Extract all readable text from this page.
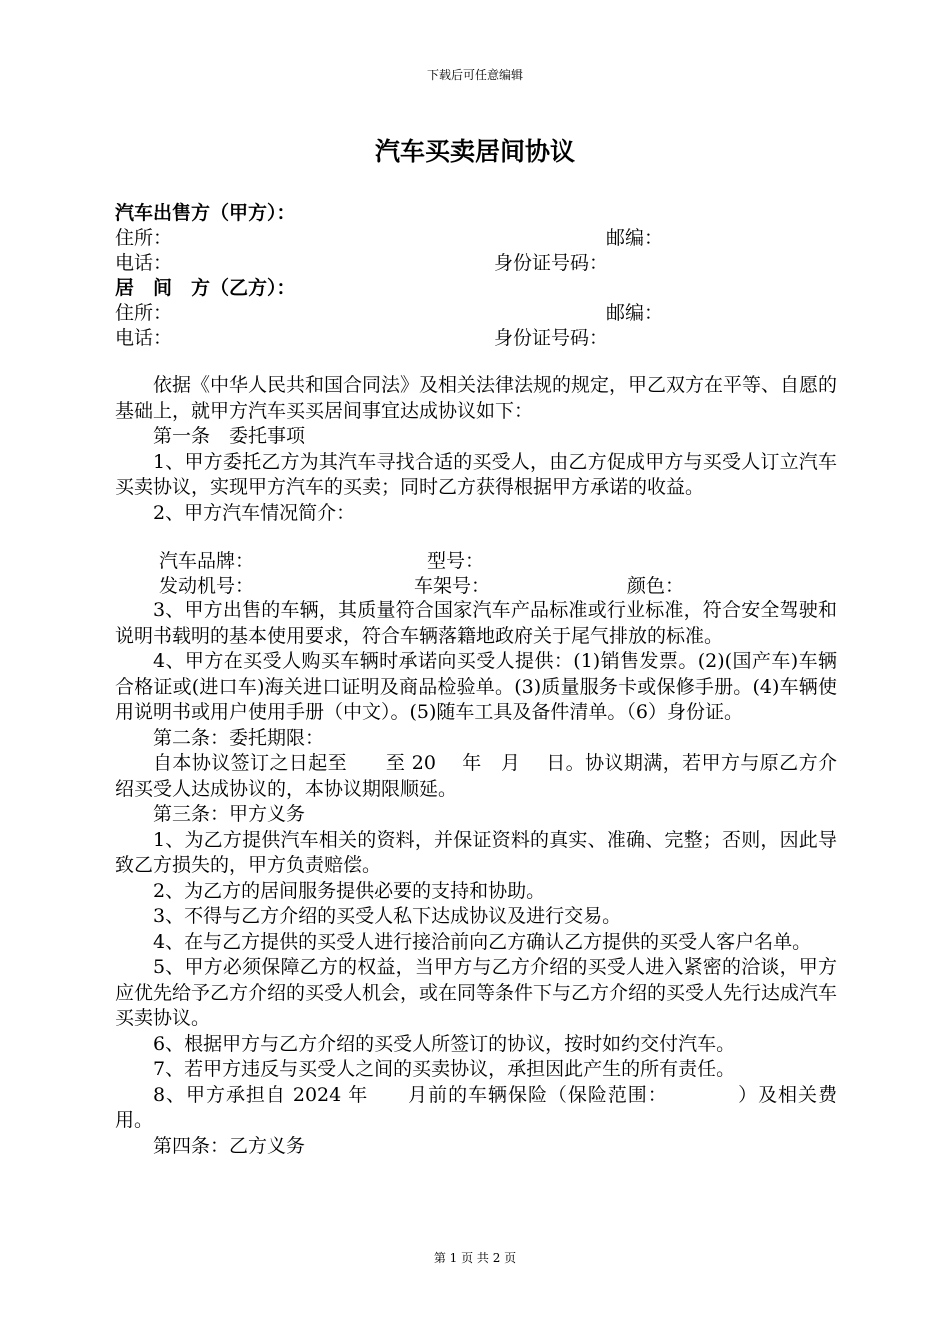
下载后可任意编辑
汽车买卖居间协议
汽车出售方（甲方）：
住所：	邮编：
电话：	身份证号码：
居　间　方（乙方）：
住所：	邮编：
电话：	身份证号码：

依据《中华人民共和国合同法》及相关法律法规的规定，甲乙双方在平等、自愿的基础上，就甲方汽车买买居间事宜达成协议如下：

第一条　委托事项

1、甲方委托乙方为其汽车寻找合适的买受人，由乙方促成甲方与买受人订立汽车买卖协议，实现甲方汽车的买卖；同时乙方获得根据甲方承诺的收益。

2、甲方汽车情况简介：

汽车品牌：	型号：
发动机号：	车架号：	颜色：

3、甲方出售的车辆，其质量符合国家汽车产品标准或行业标准，符合安全驾驶和说明书载明的基本使用要求，符合车辆落籍地政府关于尾气排放的标准。

4、甲方在买受人购买车辆时承诺向买受人提供：(1)销售发票。(2)(国产车)车辆合格证或(进口车)海关进口证明及商品检验单。(3)质量服务卡或保修手册。(4)车辆使用说明书或用户使用手册（中文）。(5)随车工具及备件清单。（6）身份证。

第二条：委托期限：

自本协议签订之日起至　　至 20　 年　月　 日。协议期满，若甲方与原乙方介绍买受人达成协议的，本协议期限顺延。

第三条：甲方义务

1、为乙方提供汽车相关的资料，并保证资料的真实、准确、完整；否则，因此导致乙方损失的，甲方负责赔偿。

2、为乙方的居间服务提供必要的支持和协助。

3、不得与乙方介绍的买受人私下达成协议及进行交易。

4、在与乙方提供的买受人进行接洽前向乙方确认乙方提供的买受人客户名单。

5、甲方必须保障乙方的权益，当甲方与乙方介绍的买受人进入紧密的洽谈，甲方应优先给予乙方介绍的买受人机会，或在同等条件下与乙方介绍的买受人先行达成汽车买卖协议。

6、根据甲方与乙方介绍的买受人所签订的协议，按时如约交付汽车。

7、若甲方违反与买受人之间的买卖协议，承担因此产生的所有责任。

8、甲方承担自 2024 年　　月前的车辆保险（保险范围：　　　　）及相关费用。

第四条：乙方义务

第 1 页 共 2 页
